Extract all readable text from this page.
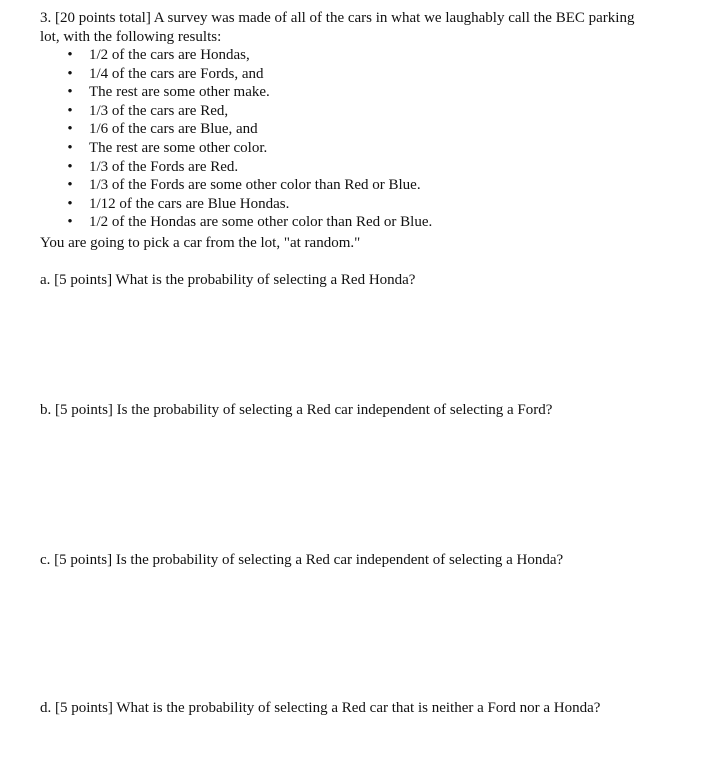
3. [20 points total] A survey was made of all of the cars in what we laughably call the BEC parking lot, with the following results:
• 1/2 of the cars are Hondas,
• 1/4 of the cars are Fords, and
• The rest are some other make.
• 1/3 of the cars are Red,
• 1/6 of the cars are Blue, and
• The rest are some other color.
• 1/3 of the Fords are Red.
• 1/3 of the Fords are some other color than Red or Blue.
• 1/12 of the cars are Blue Hondas.
• 1/2 of the Hondas are some other color than Red or Blue.
You are going to pick a car from the lot, "at random."
a. [5 points] What is the probability of selecting a Red Honda?
b. [5 points] Is the probability of selecting a Red car independent of selecting a Ford?
c. [5 points] Is the probability of selecting a Red car independent of selecting a Honda?
d. [5 points] What is the probability of selecting a Red car that is neither a Ford nor a Honda?
